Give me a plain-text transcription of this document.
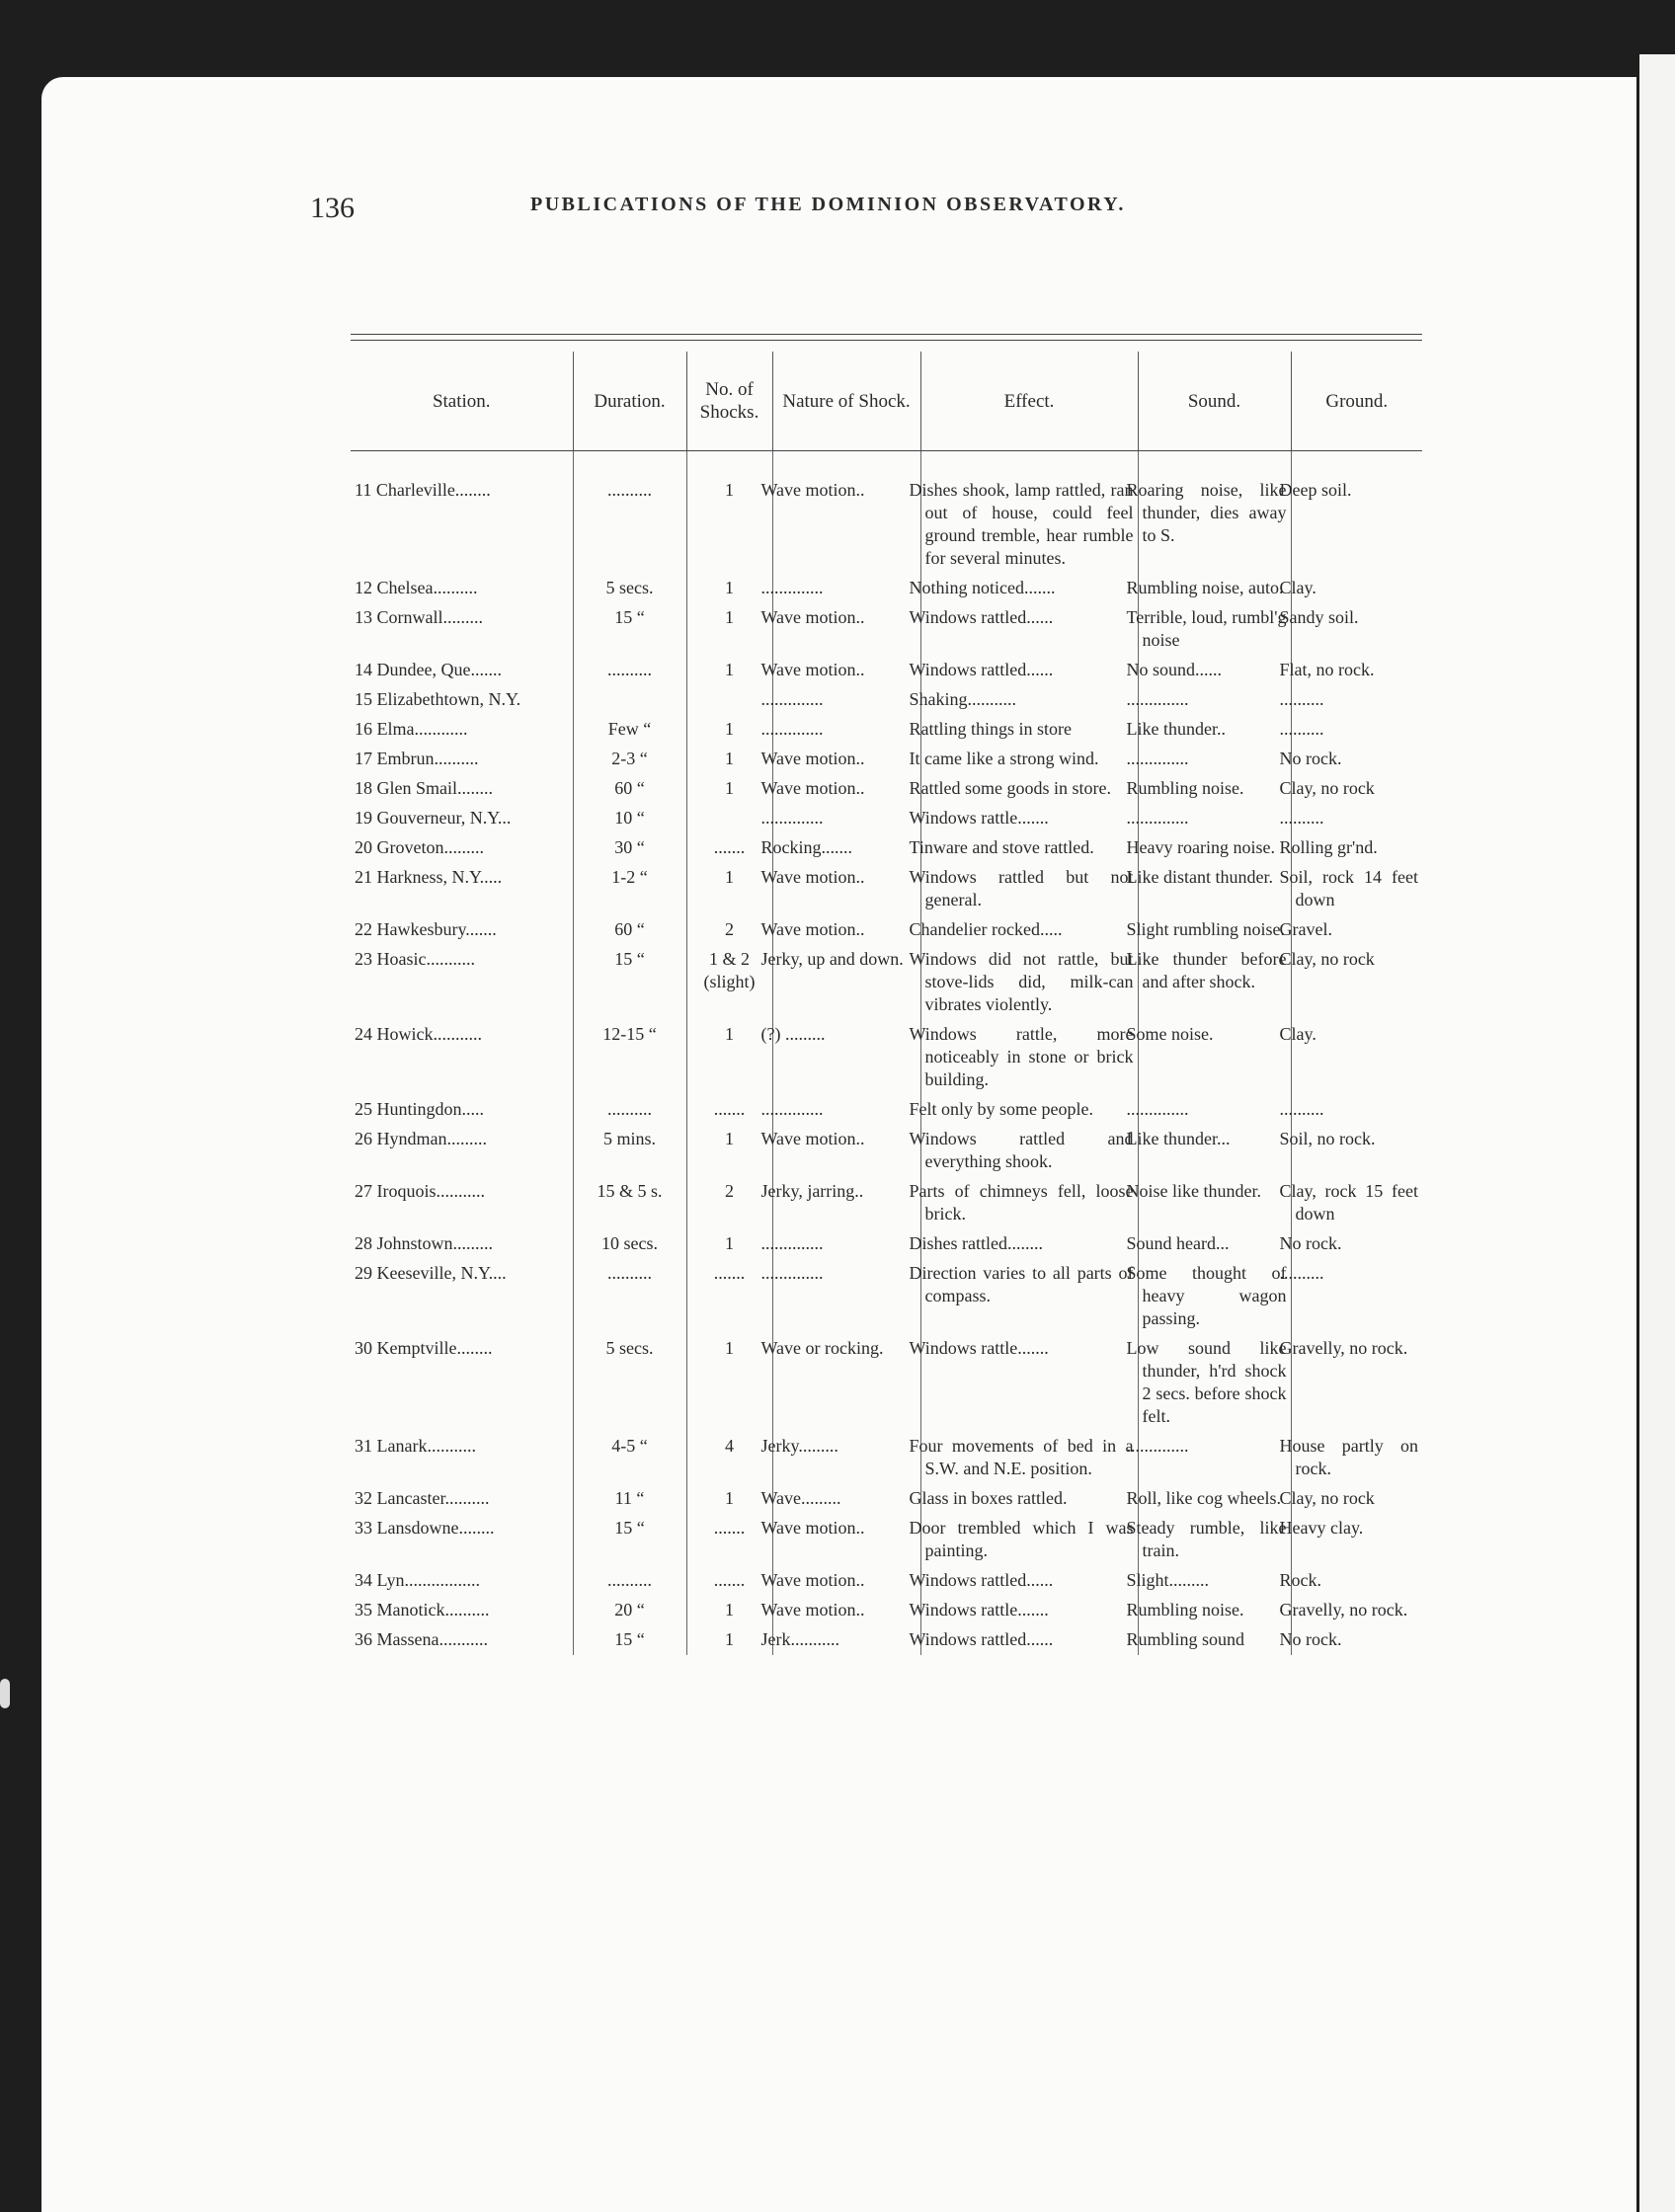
136	PUBLICATIONS OF THE DOMINION OBSERVATORY.
Station.	Duration.	No. of Shocks.	Nature of Shock.	Effect.	Sound.	Ground.
11 Charleville........	..........	1	Wave motion..	Dishes shook, lamp rattled, ran out of house, could feel ground tremble, hear rumble for several minutes.	Roaring noise, like thunder, dies away to S.	Deep soil.
12 Chelsea..........	5 secs.	1	..............	Nothing noticed.......	Rumbling noise, auto.	Clay.
13 Cornwall.........	15 “	1	Wave motion..	Windows rattled......	Terrible, loud, rumbl'g noise	Sandy soil.
14 Dundee, Que.......	..........	1	Wave motion..	Windows rattled......	No sound......	Flat, no rock.
15 Elizabethtown, N.Y.			..............	Shaking...........	..............	..........
16 Elma............	Few “	1	..............	Rattling things in store	Like thunder..	..........
17 Embrun..........	2-3 “	1	Wave motion..	It came like a strong wind.	..............	No rock.
18 Glen Smail........	60 “	1	Wave motion..	Rattled some goods in store.	Rumbling noise.	Clay, no rock
19 Gouverneur, N.Y...	10 “		..............	Windows rattle.......	..............	..........
20 Groveton.........	30 “	.......	Rocking.......	Tinware and stove rattled.	Heavy roaring noise.	Rolling gr'nd.
21 Harkness, N.Y.....	1-2 “	1	Wave motion..	Windows rattled but not general.	Like distant thunder.	Soil, rock 14 feet down
22 Hawkesbury.......	60 “	2	Wave motion..	Chandelier rocked.....	Slight rumbling noise.	Gravel.
23 Hoasic...........	15 “	1 & 2 (slight)	Jerky, up and down.	Windows did not rattle, but stove-lids did, milk-can vibrates violently.	Like thunder before and after shock.	Clay, no rock
24 Howick...........	12-15 “	1	(?) .........	Windows rattle, more noticeably in stone or brick building.	Some noise.	Clay.
25 Huntingdon.....	..........	.......	..............	Felt only by some people.	..............	..........
26 Hyndman.........	5 mins.	1	Wave motion..	Windows rattled and everything shook.	Like thunder...	Soil, no rock.
27 Iroquois...........	15 & 5 s.	2	Jerky, jarring..	Parts of chimneys fell, loose brick.	Noise like thunder.	Clay, rock 15 feet down
28 Johnstown.........	10 secs.	1	..............	Dishes rattled........	Sound heard...	No rock.
29 Keeseville, N.Y....	..........	.......	..............	Direction varies to all parts of compass.	Some thought of heavy wagon passing.	..........
30 Kemptville........	5 secs.	1	Wave or rocking.	Windows rattle.......	Low sound like thunder, h'rd shock 2 secs. before shock felt.	Gravelly, no rock.
31 Lanark...........	4-5 “	4	Jerky.........	Four movements of bed in a S.W. and N.E. position.	..............	House partly on rock.
32 Lancaster..........	11 “	1	Wave.........	Glass in boxes rattled.	Roll, like cog wheels.	Clay, no rock
33 Lansdowne........	15 “	.......	Wave motion..	Door trembled which I was painting.	Steady rumble, like train.	Heavy clay.
34 Lyn.................	..........	.......	Wave motion..	Windows rattled......	Slight.........	Rock.
35 Manotick..........	20 “	1	Wave motion..	Windows rattle.......	Rumbling noise.	Gravelly, no rock.
36 Massena...........	15 “	1	Jerk...........	Windows rattled......	Rumbling sound	No rock.
